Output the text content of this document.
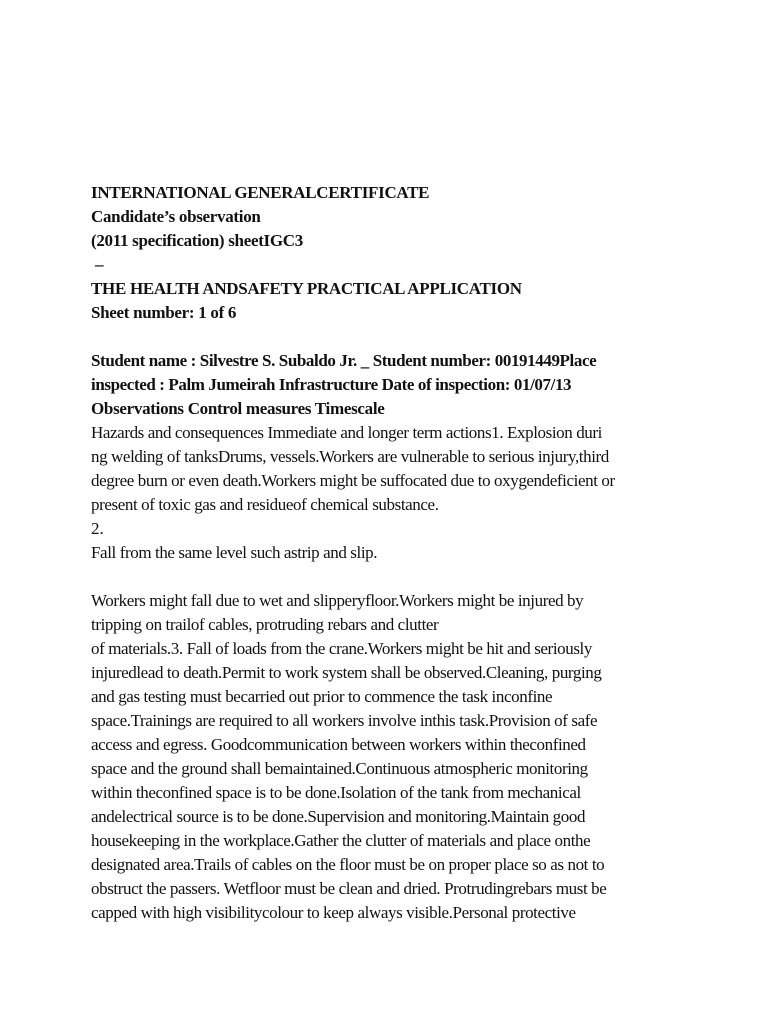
INTERNATIONAL GENERALCERTIFICATE
Candidate’s observation
(2011 specification) sheetIGC3
–
THE HEALTH ANDSAFETY PRACTICAL APPLICATION
Sheet number: 1 of 6
Student name : Silvestre S. Subaldo Jr. _ Student number: 00191449Place
inspected : Palm Jumeirah Infrastructure Date of inspection: 01/07/13
Observations Control measures Timescale
Hazards and consequences Immediate and longer term actions1. Explosion duri
ng welding of tanksDrums, vessels.Workers are vulnerable to serious injury,third
degree burn or even death.Workers might be suffocated due to oxygendeficient or
present of toxic gas and residueof chemical substance.
2.
Fall from the same level such astrip and slip.
Workers might fall due to wet and slipperyfloor.Workers might be injured by
tripping on trailof cables, protruding rebars and clutter
of materials.3. Fall of loads from the crane.Workers might be hit and seriously
injuredlead to death.Permit to work system shall be observed.Cleaning, purging
and gas testing must becarried out prior to commence the task inconfine
space.Trainings are required to all workers involve inthis task.Provision of safe
access and egress. Goodcommunication between workers within theconfined
space and the ground shall bemaintained.Continuous atmospheric monitoring
within theconfined space is to be done.Isolation of the tank from mechanical
andelectrical source is to be done.Supervision and monitoring.Maintain good
housekeeping in the workplace.Gather the clutter of materials and place onthe
designated area.Trails of cables on the floor must be on proper place so as not to
obstruct the passers. Wetfloor must be clean and dried. Protrudingrebars must be
capped with high visibilitycolour to keep always visible.Personal protective
